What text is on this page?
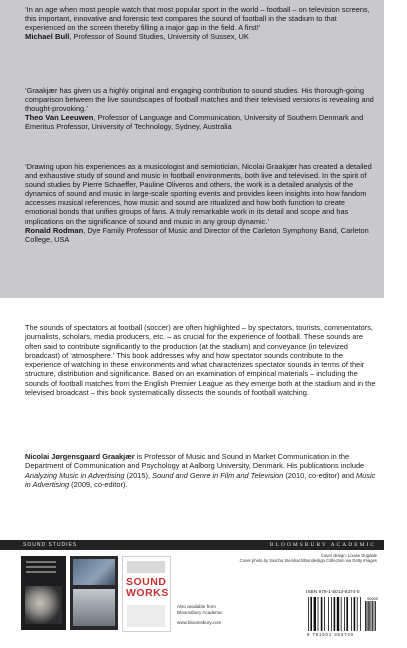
‘In an age when most people watch that most popular sport in the world – football – on television screens, this important, innovative and forensic text compares the sound of football in the stadium to that experienced on the screen thereby filling a major gap in the field. A first!’

Michael Bull, Professor of Sound Studies, University of Sussex, UK

‘Graakjær has given us a highly original and engaging contribution to sound studies. His thorough-going comparison between the live soundscapes of football matches and their televised versions is revealing and thought-provoking.’

Theo Van Leeuwen, Professor of Language and Communication, University of Southern Denmark and Emeritus Professor, University of Technology, Sydney, Australia

‘Drawing upon his experiences as a musicologist and semiotician, Nicolai Graakjær has created a detailed and exhaustive study of sound and music in football environments, both live and televised. In the spirit of sound studies by Pierre Schaeffer, Pauline Oliveros and others, the work is a detailed analysis of the dynamics of sound and music in large-scale sporting events and provides keen insights into how fandom accesses musical references, how music and sound are ritualized and how both function to create emotional bonds that unifies groups of fans. A truly remarkable work in its detail and scope and has implications on the significance of sound and music in any group dynamic.’

Ronald Rodman, Dye Family Professor of Music and Director of the Carleton Symphony Band, Carleton College, USA

The sounds of spectators at football (soccer) are often highlighted – by spectators, tourists, commentators, journalists, scholars, media producers, etc. – as crucial for the experience of football. These sounds are often said to contribute significantly to the production (at the stadium) and conveyance (in televized broadcast) of ‘atmosphere.’ This book addresses why and how spectator sounds contribute to the experience of watching in these environments and what characterizes spectator sounds in terms of their structure, distribution and significance. Based on an examination of empirical materials – including the sounds of football matches from the English Premier League as they emerge both at the stadium and in the televised broadcast – this book systematically dissects the sounds of football watching.

Nicolai Jørgensgaard Graakjær is Professor of Music and Sound in Market Communication in the Department of Communication and Psychology at Aalborg University, Denmark. His publications include Analyzing Music in Advertising (2015), Sound and Genre in Film and Television (2010, co-editor) and Music in Advertising (2009, co-editor).

SOUND STUDIES	BLOOMSBURY ACADEMIC
Cover design: Louise Dugdale
Cover photo by Sascha Steinbach/Bundesliga Collection via Getty Images
SOUND WORKS
Also available from
Bloomsbury Academic
www.bloomsbury.com
ISBN 978-1-5013-6374-0
9 781501 363740
90000
